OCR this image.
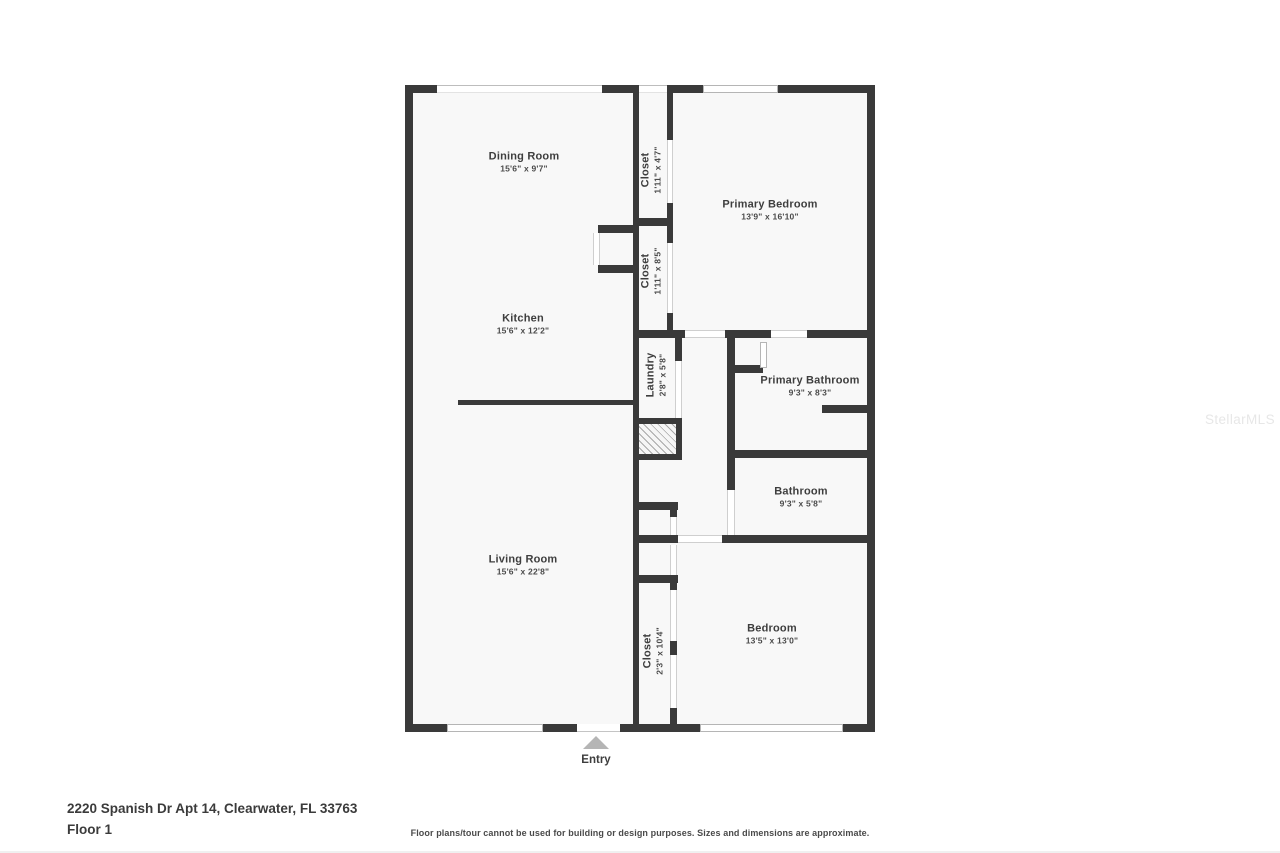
Dining Room
15'6" x 9'7"	Closet 1'11" x 4'7"
Primary Bedroom
13'9" x 16'10"
Closet 1'11" x 8'5"
Kitchen
15'6" x 12'2"
Laundry 2'8" x 5'8"	Primary Bathroom
9'3" x 8'3"
Bathroom
9'3" x 5'8"
Living Room
15'6" x 22'8"
Closet 2'3" x 10'4"	Bedroom
13'5" x 13'0"
Entry
2220 Spanish Dr Apt 14, Clearwater, FL 33763
Floor 1	Floor plans/tour cannot be used for building or design purposes. Sizes and dimensions are approximate.
StellarMLS
